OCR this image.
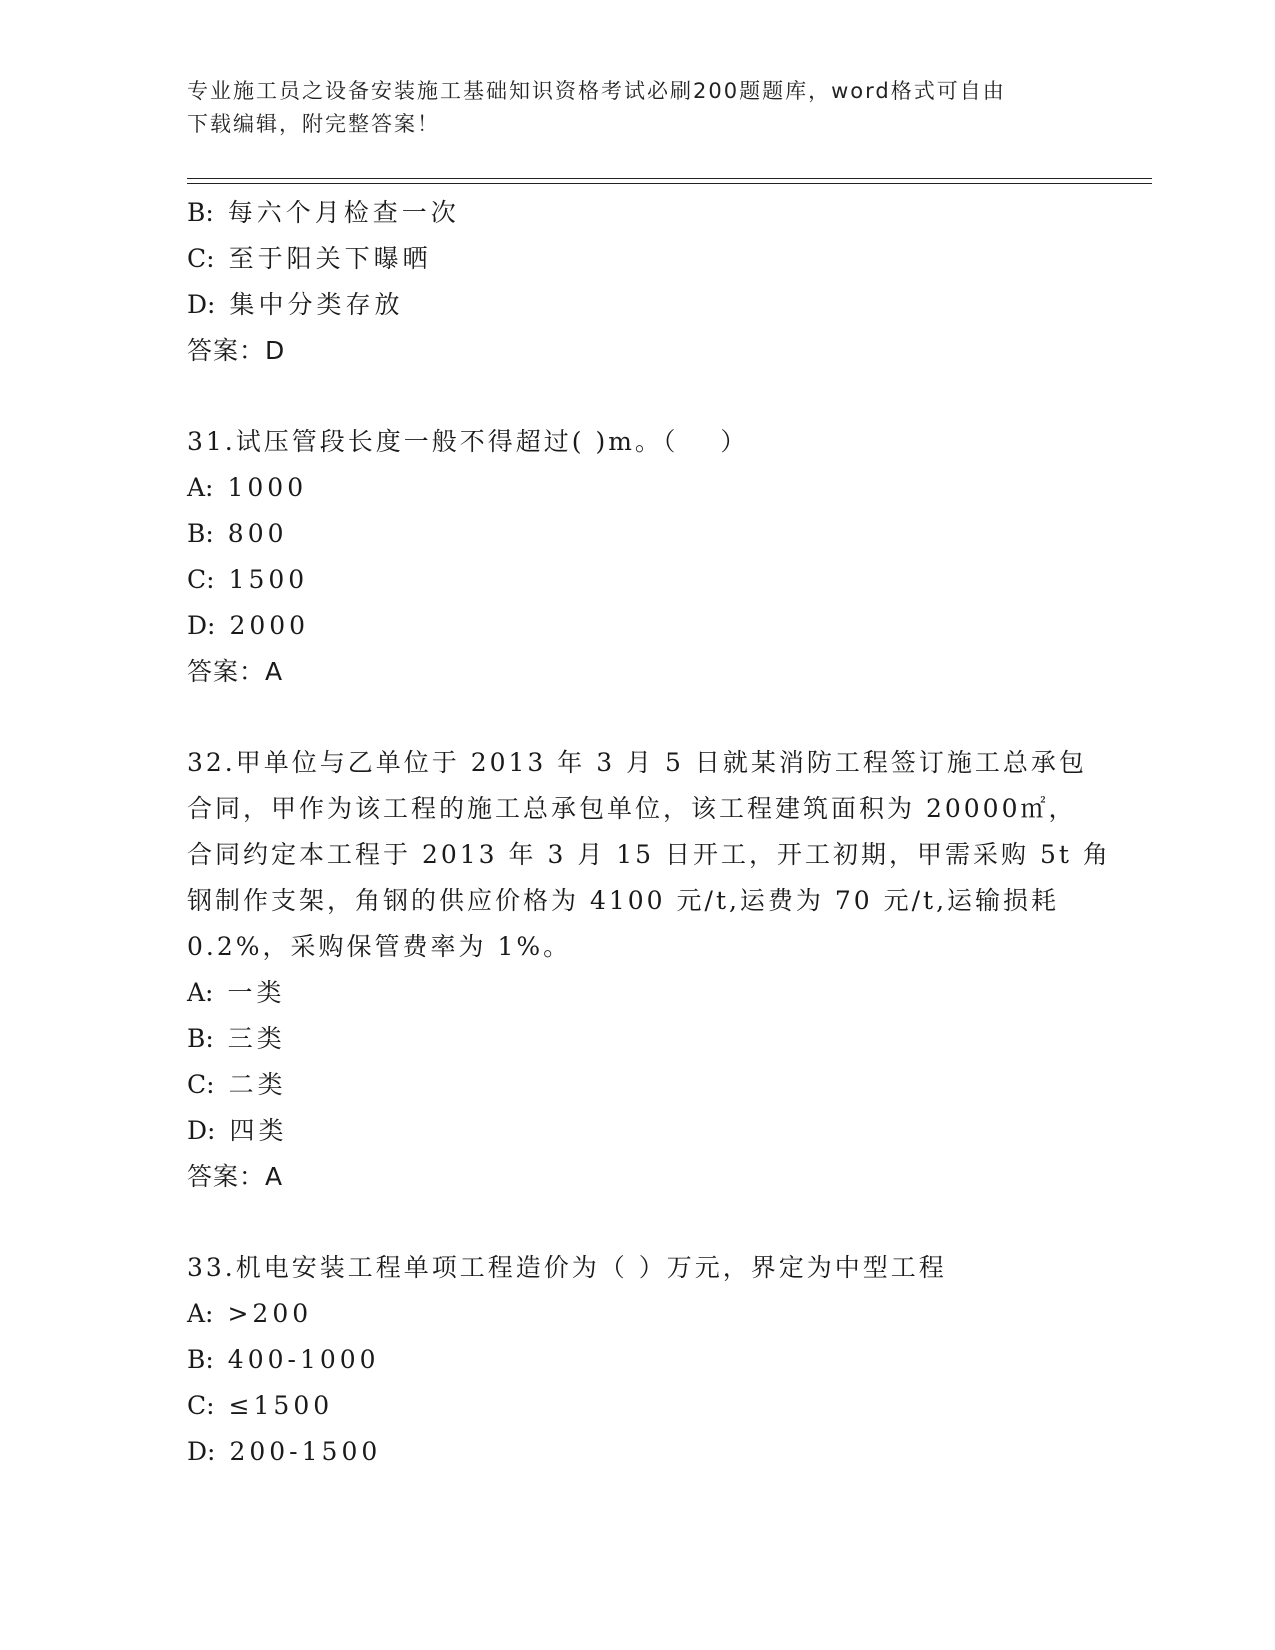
专业施工员之设备安装施工基础知识资格考试必刷200题题库，word格式可自由
下载编辑，附完整答案！
B: 每六个月检查一次
C: 至于阳关下曝晒
D: 集中分类存放
答案：D
31.试压管段长度一般不得超过( )m。（ ）
A: 1000
B: 800
C: 1500
D: 2000
答案：A
32.甲单位与乙单位于 2013 年 3 月 5 日就某消防工程签订施工总承包
合同，甲作为该工程的施工总承包单位，该工程建筑面积为 20000㎡，
合同约定本工程于 2013 年 3 月 15 日开工，开工初期，甲需采购 5t 角
钢制作支架，角钢的供应价格为 4100 元/t,运费为 70 元/t,运输损耗
0.2%，采购保管费率为 1%。
A: 一类
B: 三类
C: 二类
D: 四类
答案：A
33.机电安装工程单项工程造价为（ ）万元，界定为中型工程
A: >200
B: 400-1000
C: ≤1500
D: 200-1500
